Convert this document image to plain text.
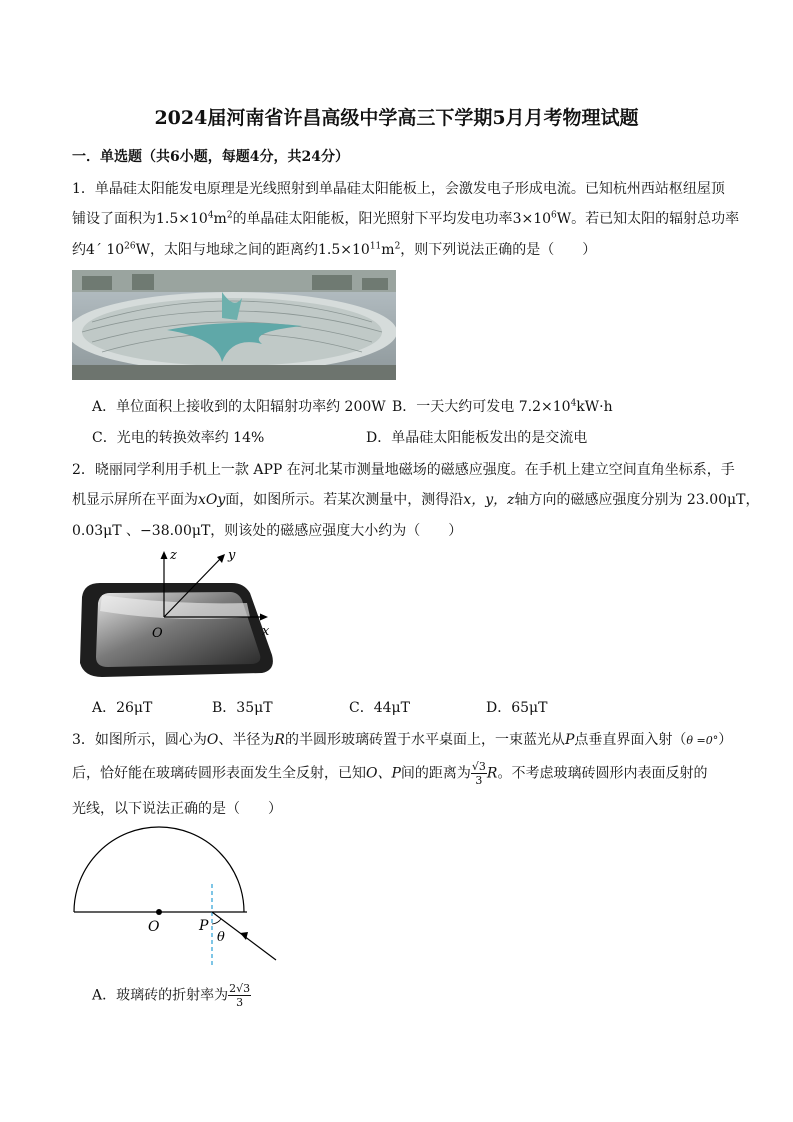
2024届河南省许昌高级中学高三下学期5月月考物理试题
一．单选题（共6小题，每题4分，共24分）
1．单晶硅太阳能发电原理是光线照射到单晶硅太阳能板上，会激发电子形成电流。已知杭州西站枢纽屋顶
铺设了面积为$1.5\times 10^4m^2$的单晶硅太阳能板，阳光照射下平均发电功率$3\times 10^6W$。若已知太阳的辐射总功率
约4´ $10^{26}W$，太阳与地球之间的距离约$1.5\times 10^{11}m^2$，则下列说法正确的是（　　）
A．单位面积上接收到的太阳辐射功率约 200W B．一天大约可发电 $7.2\times 10^4kW\cdot h$
C．光电的转换效率约 14%	D．单晶硅太阳能板发出的是交流电
2．晓丽同学利用手机上一款 APP 在河北某市测量地磁场的磁感应强度。在手机上建立空间直角坐标系，手
机显示屏所在平面为xOy面，如图所示。若某次测量中，测得沿x，y，z轴方向的磁感应强度分别为 23.00μT，
0.03μT 、−38.00μT，则该处的磁感应强度大小约为（　　）
z	y
x
O
A．26μT	B．35μT	C．44μT	D．65μT
3．如图所示，圆心为O、半径为R的半圆形玻璃砖置于水平桌面上，一束蓝光从P点垂直界面入射（θ =0°）
后，恰好能在玻璃砖圆形表面发生全反射，已知O、P间的距离为 $\frac{√3}{3}$ R。不考虑玻璃砖圆形内表面反射的
光线，以下说法正确的是（　　）
O	P
θ
A．玻璃砖的折射率为 $\frac{2√3}{3}$
